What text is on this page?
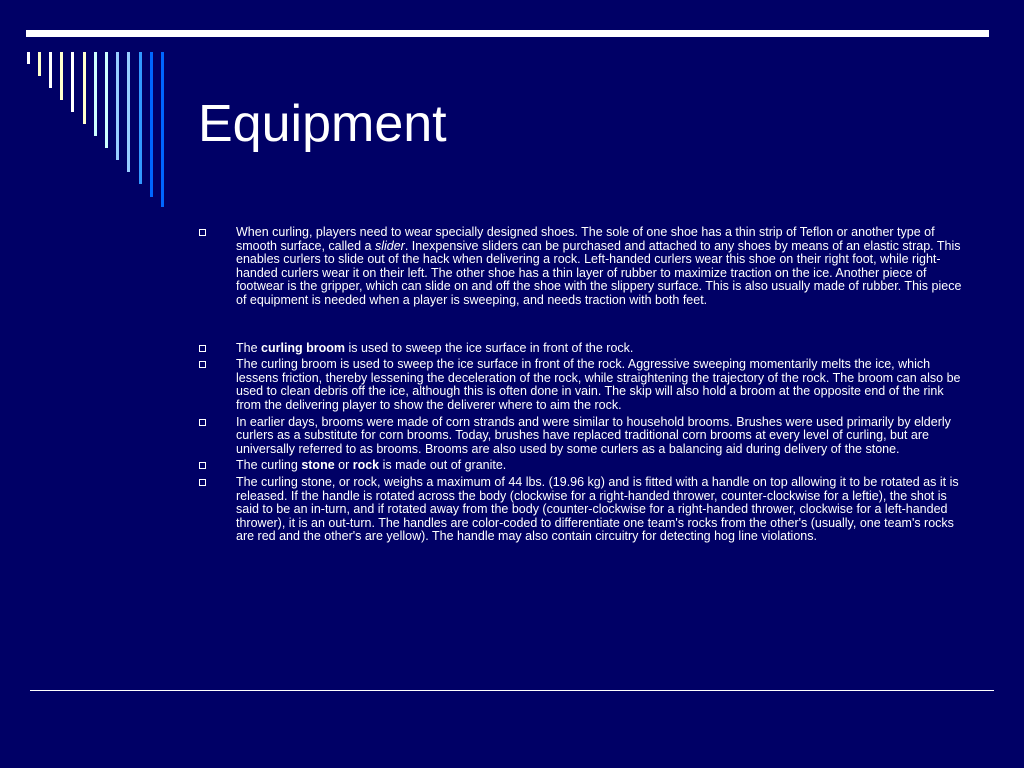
Equipment
When curling, players need to wear specially designed shoes. The sole of one shoe has a thin strip of Teflon or another type of smooth surface, called a slider. Inexpensive sliders can be purchased and attached to any shoes by means of an elastic strap. This enables curlers to slide out of the hack when delivering a rock. Left-handed curlers wear this shoe on their right foot, while right-handed curlers wear it on their left. The other shoe has a thin layer of rubber to maximize traction on the ice. Another piece of footwear is the gripper, which can slide on and off the shoe with the slippery surface. This is also usually made of rubber. This piece of equipment is needed when a player is sweeping, and needs traction with both feet.
The curling broom is used to sweep the ice surface in front of the rock.
The curling broom is used to sweep the ice surface in front of the rock. Aggressive sweeping momentarily melts the ice, which lessens friction, thereby lessening the deceleration of the rock, while straightening the trajectory of the rock. The broom can also be used to clean debris off the ice, although this is often done in vain. The skip will also hold a broom at the opposite end of the rink from the delivering player to show the deliverer where to aim the rock.
In earlier days, brooms were made of corn strands and were similar to household brooms. Brushes were used primarily by elderly curlers as a substitute for corn brooms. Today, brushes have replaced traditional corn brooms at every level of curling, but are universally referred to as brooms. Brooms are also used by some curlers as a balancing aid during delivery of the stone.
The curling stone or rock is made out of granite.
The curling stone, or rock, weighs a maximum of 44 lbs. (19.96 kg) and is fitted with a handle on top allowing it to be rotated as it is released. If the handle is rotated across the body (clockwise for a right-handed thrower, counter-clockwise for a leftie), the shot is said to be an in-turn, and if rotated away from the body (counter-clockwise for a right-handed thrower, clockwise for a left-handed thrower), it is an out-turn. The handles are color-coded to differentiate one team's rocks from the other's (usually, one team's rocks are red and the other's are yellow). The handle may also contain circuitry for detecting hog line violations.
